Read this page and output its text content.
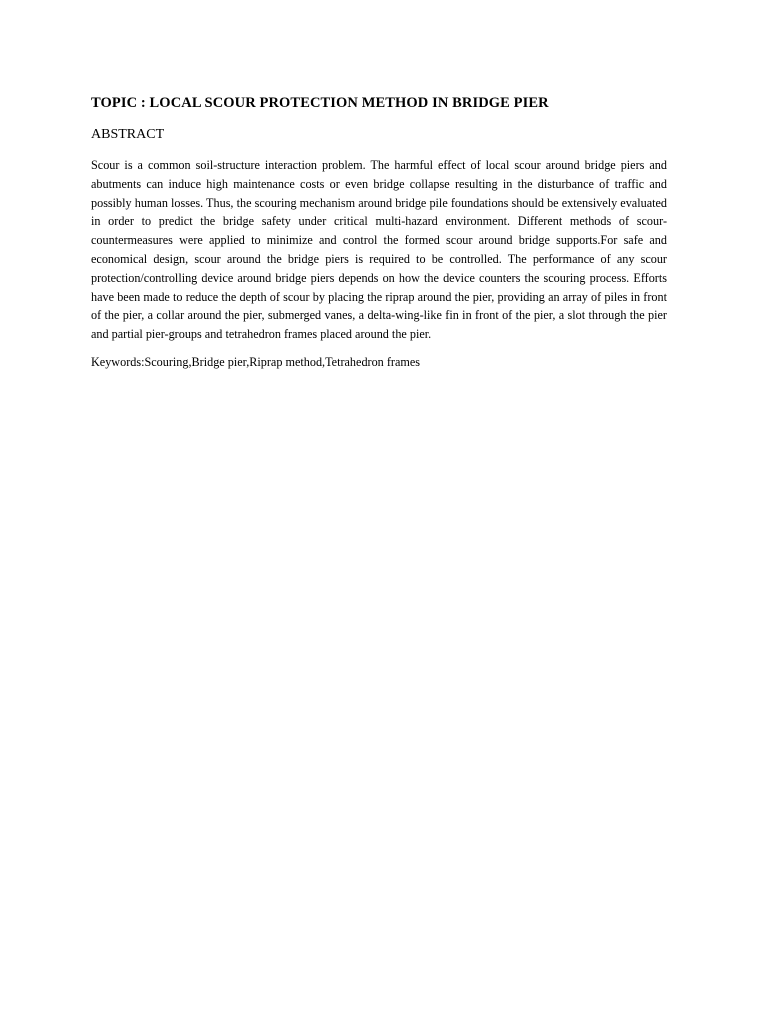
TOPIC : LOCAL SCOUR PROTECTION METHOD IN BRIDGE PIER
ABSTRACT

Scour is a common soil-structure interaction problem. The harmful effect of local scour around bridge piers and abutments can induce high maintenance costs or even bridge collapse resulting in the disturbance of traffic and possibly human losses. Thus, the scouring mechanism around bridge pile foundations should be extensively evaluated in order to predict the bridge safety under critical multi-hazard environment. Different methods of scour-countermeasures were applied to minimize and control the formed scour around bridge supports.For safe and economical design, scour around the bridge piers is required to be controlled. The performance of any scour protection/controlling device around bridge piers depends on how the device counters the scouring process. Efforts have been made to reduce the depth of scour by placing the riprap around the pier, providing an array of piles in front of the pier, a collar around the pier, submerged vanes, a delta-wing-like fin in front of the pier, a slot through the pier and partial pier-groups and tetrahedron frames placed around the pier.

Keywords:Scouring,Bridge pier,Riprap method,Tetrahedron frames
